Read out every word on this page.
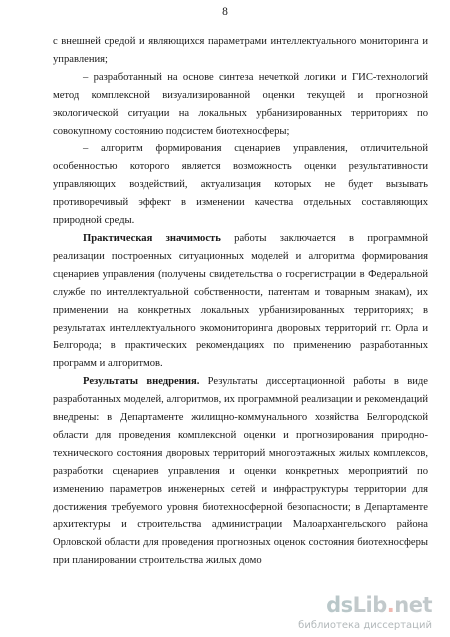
8

с внешней средой и являющихся параметрами интеллектуального мониторинга и управления;

– разработанный на основе синтеза нечеткой логики и ГИС-технологий метод комплексной визуализированной оценки текущей и прогнозной экологической ситуации на локальных урбанизированных территориях по совокупному состоянию подсистем биотехносферы;

– алгоритм формирования сценариев управления, отличительной особенностью которого является возможность оценки результативности управляющих воздействий, актуализация которых не будет вызывать противоречивый эффект в изменении качества отдельных составляющих природной среды.

Практическая значимость работы заключается в программной реализации построенных ситуационных моделей и алгоритма формирования сценариев управления (получены свидетельства о госрегистрации в Федеральной службе по интеллектуальной собственности, патентам и товарным знакам), их применении на конкретных локальных урбанизированных территориях; в результатах интеллектуального экомониторинга дворовых территорий гг. Орла и Белгорода; в практических рекомендациях по применению разработанных программ и алгоритмов.

Результаты внедрения. Результаты диссертационной работы в виде разработанных моделей, алгоритмов, их программной реализации и рекомендаций внедрены: в Департаменте жилищно-коммунального хозяйства Белгородской области для проведения комплексной оценки и прогнозирования природно-технического состояния дворовых территорий многоэтажных жилых комплексов, разработки сценариев управления и оценки конкретных мероприятий по изменению параметров инженерных сетей и инфраструктуры территории для достижения требуемого уровня биотехносферной безопасности; в Департаменте архитектуры и строительства администрации Малоархангельского района Орловской области для проведения прогнозных оценок состояния биотехносферы при планировании строительства жилых домо

dsLib.net
библиотека диссертаций
